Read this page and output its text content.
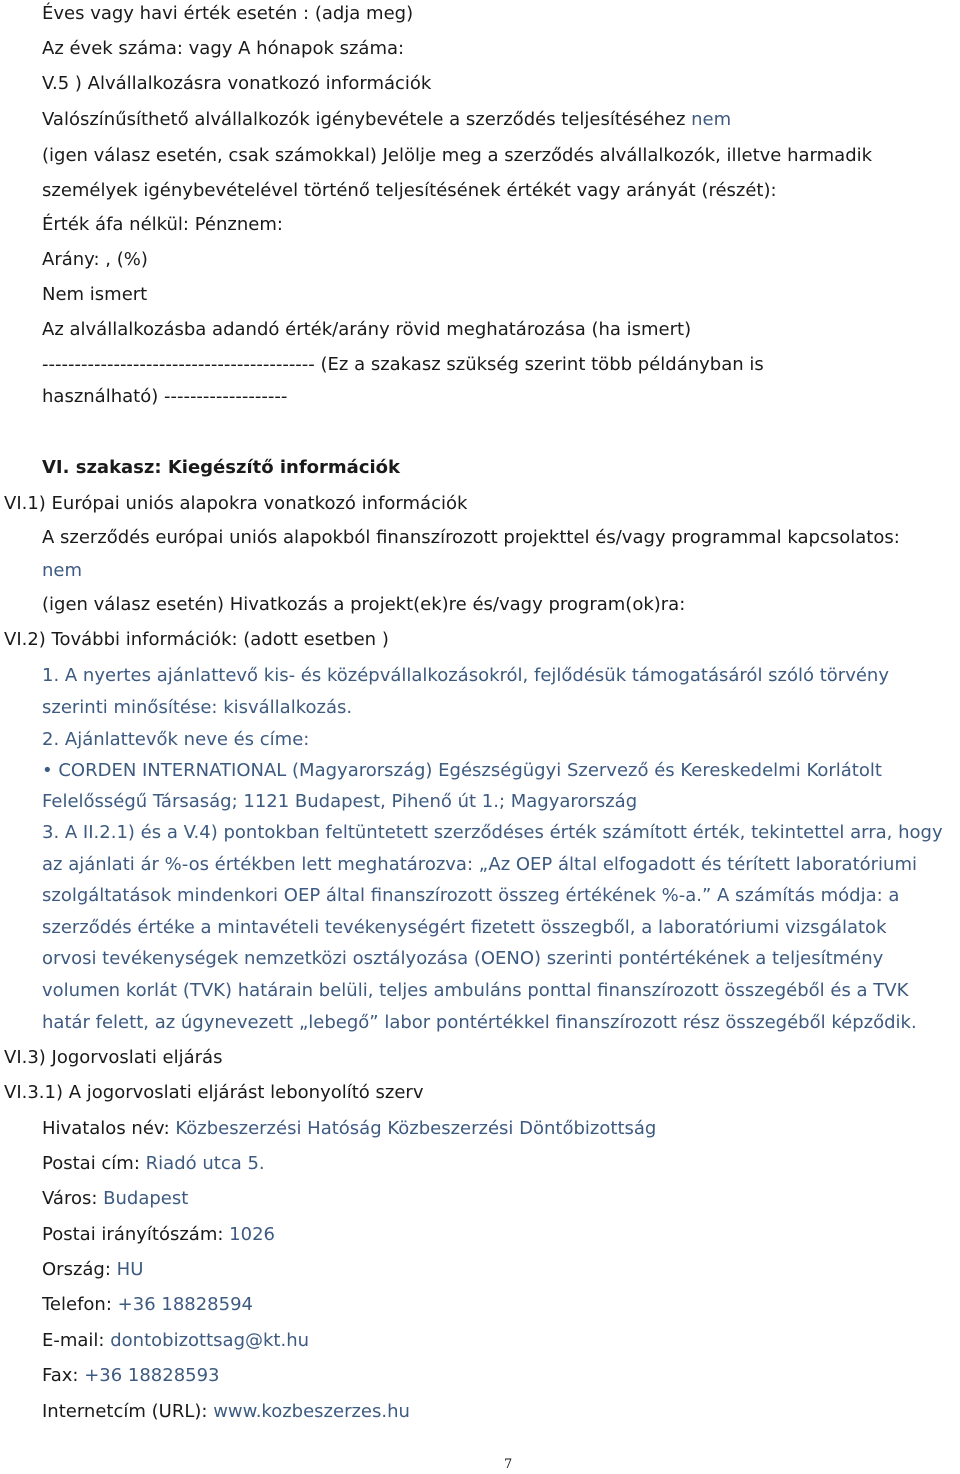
Éves vagy havi érték esetén : (adja meg)
Az évek száma: vagy A hónapok száma:
V.5 ) Alvállalkozásra vonatkozó információk
Valószínűsíthető alvállalkozók igénybevétele a szerződés teljesítéséhez nem
(igen válasz esetén, csak számokkal) Jelölje meg a szerződés alvállalkozók, illetve harmadik
személyek igénybevételével történő teljesítésének értékét vagy arányát (részét):
Érték áfa nélkül: Pénznem:
Arány: , (%)
Nem ismert
Az alvállalkozásba adandó érték/arány rövid meghatározása (ha ismert)
------------------------------------------ (Ez a szakasz szükség szerint több példányban is
használható) -------------------
VI. szakasz: Kiegészítő információk
VI.1) Európai uniós alapokra vonatkozó információk
A szerződés európai uniós alapokból finanszírozott projekttel és/vagy programmal kapcsolatos:
nem
(igen válasz esetén) Hivatkozás a projekt(ek)re és/vagy program(ok)ra:
VI.2) További információk: (adott esetben )
1. A nyertes ajánlattevő kis- és középvállalkozásokról, fejlődésük támogatásáról szóló törvény
szerinti minősítése: kisvállalkozás.
2. Ajánlattevők neve és címe:
• CORDEN INTERNATIONAL (Magyarország) Egészségügyi Szervező és Kereskedelmi Korlátolt
Felelősségű Társaság; 1121 Budapest, Pihenő út 1.; Magyarország
3. A II.2.1) és a V.4) pontokban feltüntetett szerződéses érték számított érték, tekintettel arra, hogy
az ajánlati ár %-os értékben lett meghatározva: „Az OEP által elfogadott és térített laboratóriumi
szolgáltatások mindenkori OEP által finanszírozott összeg értékének %-a.” A számítás módja: a
szerződés értéke a mintavételi tevékenységért fizetett összegből, a laboratóriumi vizsgálatok
orvosi tevékenységek nemzetközi osztályozása (OENO) szerinti pontértékének a teljesítmény
volumen korlát (TVK) határain belüli, teljes ambuláns ponttal finanszírozott összegéből és a TVK
határ felett, az úgynevezett „lebegő” labor pontértékkel finanszírozott rész összegéből képződik.
VI.3) Jogorvoslati eljárás
VI.3.1) A jogorvoslati eljárást lebonyolító szerv
Hivatalos név: Közbeszerzési Hatóság Közbeszerzési Döntőbizottság
Postai cím: Riadó utca 5.
Város: Budapest
Postai irányítószám: 1026
Ország: HU
Telefon: +36 18828594
E-mail: dontobizottsag@kt.hu
Fax: +36 18828593
Internetcím (URL): www.kozbeszerzes.hu
7
